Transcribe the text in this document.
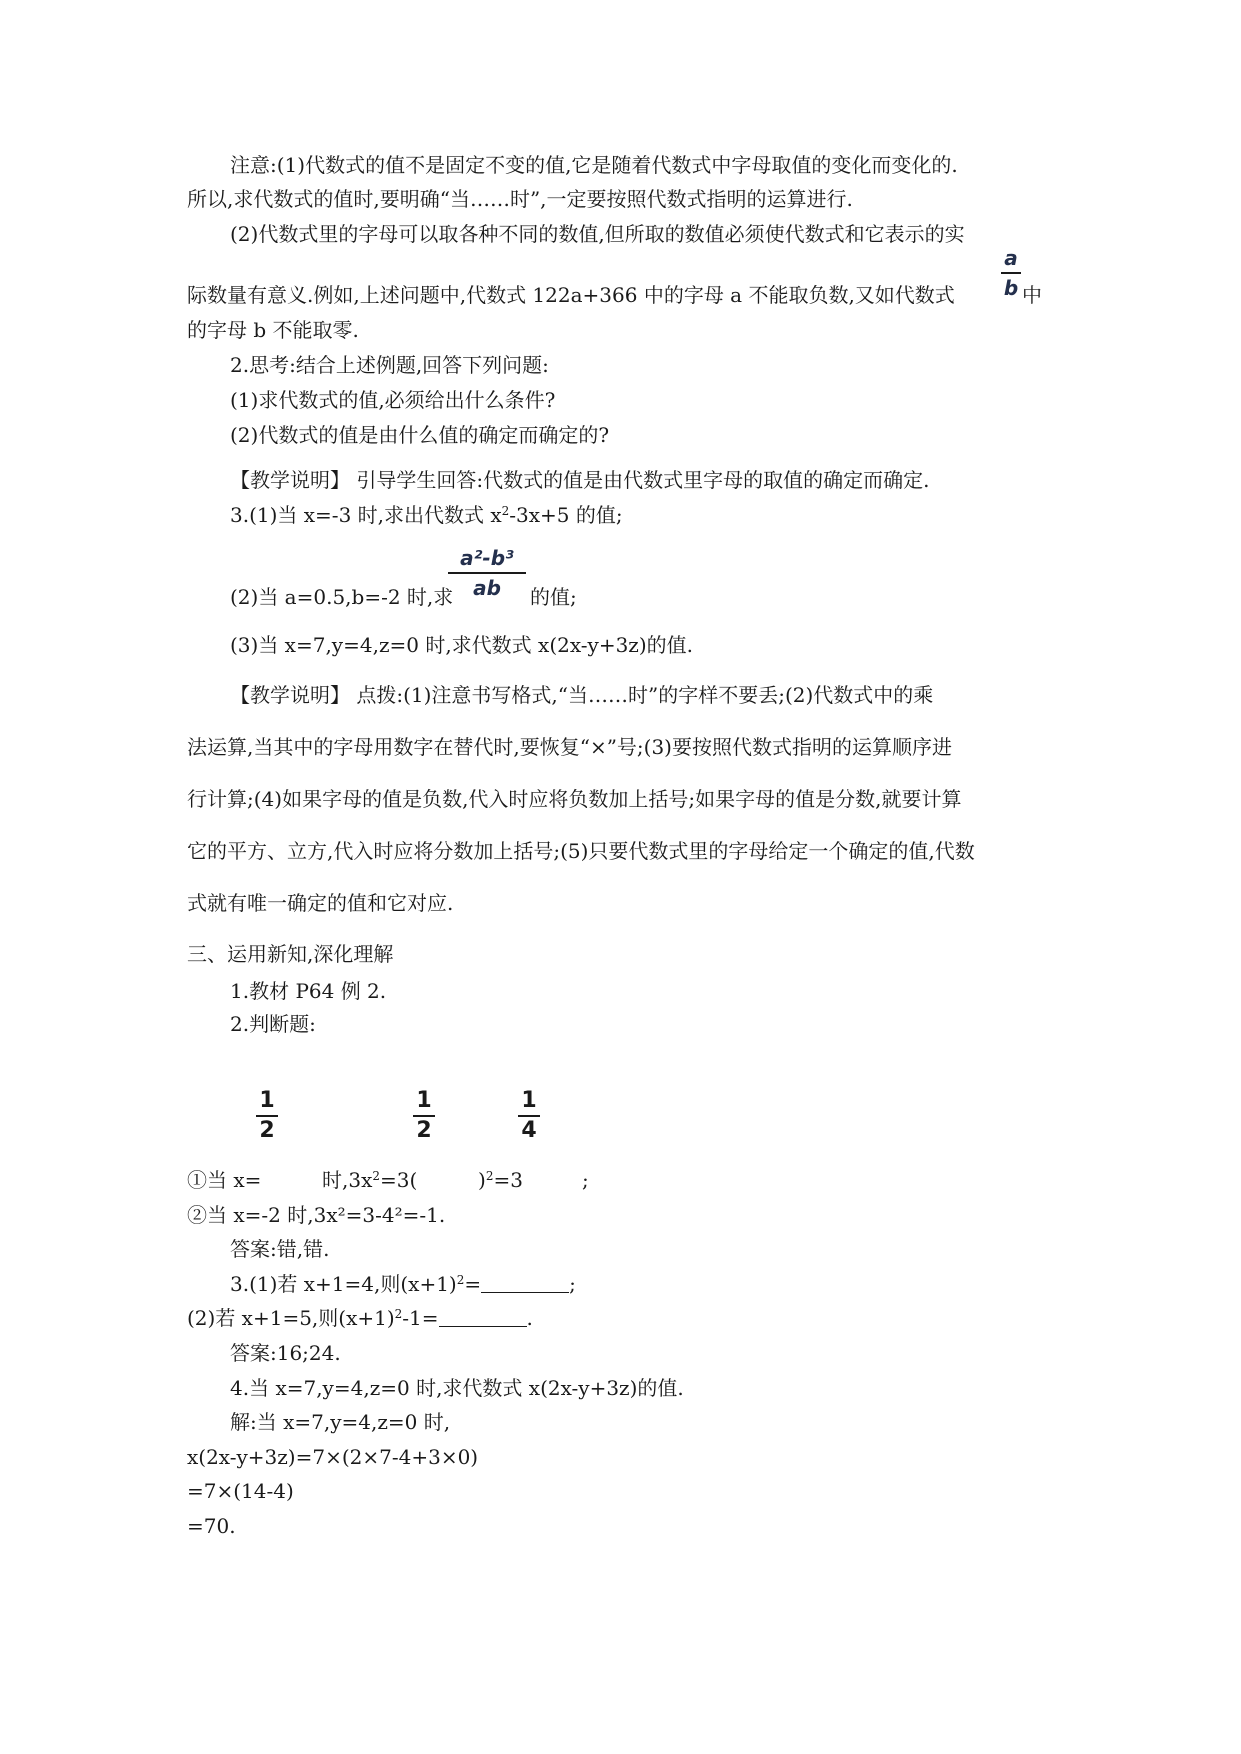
注意:(1)代数式的值不是固定不变的值,它是随着代数式中字母取值的变化而变化的.
所以,求代数式的值时,要明确“当……时”,一定要按照代数式指明的运算进行.
(2)代数式里的字母可以取各种不同的数值,但所取的数值必须使代数式和它表示的实
际数量有意义.例如,上述问题中,代数式 122a+366 中的字母 a 不能取负数,又如代数式
a
b 中
的字母 b 不能取零.
2.思考:结合上述例题,回答下列问题:
(1)求代数式的值,必须给出什么条件?
(2)代数式的值是由什么值的确定而确定的?
【教学说明】 引导学生回答:代数式的值是由代数式里字母的取值的确定而确定.
3.(1)当 x=-3 时,求出代数式 $x^2-3x+5$ 的值;
a²-b³
ab
(2)当 a=0.5,b=-2 时,求	的值;
(3)当 x=7,y=4,z=0 时,求代数式 x(2x-y+3z)的值.
【教学说明】 点拨:(1)注意书写格式,“当……时”的字样不要丢;(2)代数式中的乘
法运算,当其中的字母用数字在替代时,要恢复“×”号;(3)要按照代数式指明的运算顺序进
行计算;(4)如果字母的值是负数,代入时应将负数加上括号;如果字母的值是分数,就要计算
它的平方、立方,代入时应将分数加上括号;(5)只要代数式里的字母给定一个确定的值,代数
式就有唯一确定的值和它对应.
三、运用新知,深化理解
1.教材 P64 例 2.
2.判断题:
1
2
1
2
1
4
①当 x=	时$,3x^2=3$(	)$^2$=3	;
②当 x=-2 时,3x²=3-4²=-1.
答案:错,错.
3.(1)若 x+1=4,则$(x+1)^2=$	;
(2)若 x+1=5,则$(x+1)^2-1=$	.
答案:16;24.
4.当 x=7,y=4,z=0 时,求代数式 x(2x-y+3z)的值.
解:当 x=7,y=4,z=0 时,
x(2x-y+3z)=7×(2×7-4+3×0)
=7×(14-4)
=70.
